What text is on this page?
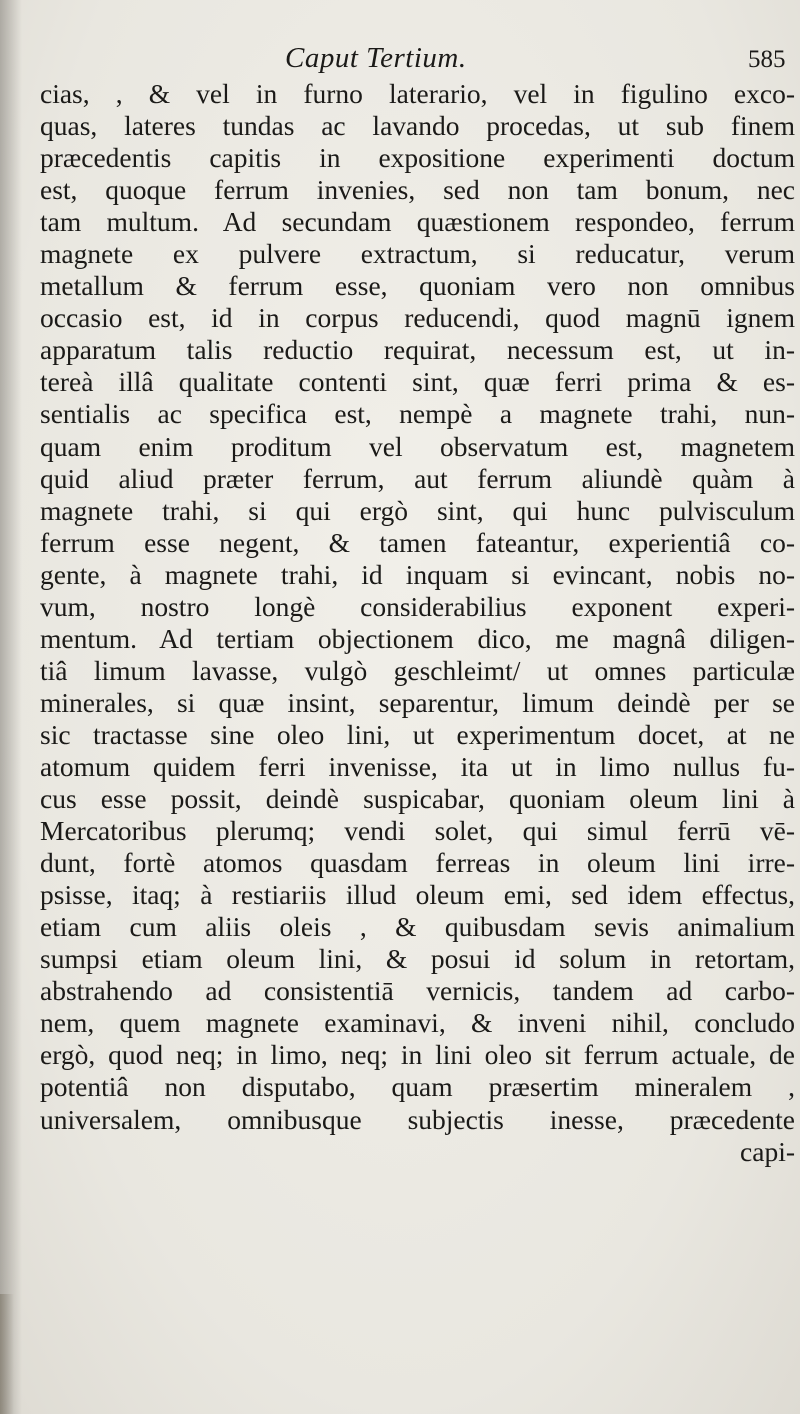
Caput Tertium.	585
cias, , & vel in furno laterario, vel in figulino exco-
quas, lateres tundas ac lavando procedas, ut sub finem
præcedentis capitis in expositione experimenti doctum
est, quoque ferrum invenies, sed non tam bonum, nec
tam multum. Ad secundam quæstionem respondeo, ferrum
magnete ex pulvere extractum, si reducatur, verum
metallum & ferrum esse, quoniam vero non omnibus
occasio est, id in corpus reducendi, quod magnū ignem
apparatum talis reductio requirat, necessum est, ut in-
tereà illâ qualitate contenti sint, quæ ferri prima & es-
sentialis ac specifica est, nempè a magnete trahi, nun-
quam enim proditum vel observatum est, magnetem
quid aliud præter ferrum, aut ferrum aliundè quàm à
magnete trahi, si qui ergò sint, qui hunc pulvisculum
ferrum esse negent, & tamen fateantur, experientiâ co-
gente, à magnete trahi, id inquam si evincant, nobis no-
vum, nostro longè considerabilius exponent experi-
mentum. Ad tertiam objectionem dico, me magnâ diligen-
tiâ limum lavasse, vulgò geschleimt/ ut omnes particulæ
minerales, si quæ insint, separentur, limum deindè per se
sic tractasse sine oleo lini, ut experimentum docet, at ne
atomum quidem ferri invenisse, ita ut in limo nullus fu-
cus esse possit, deindè suspicabar, quoniam oleum lini à
Mercatoribus plerumq; vendi solet, qui simul ferrū vē-
dunt, fortè atomos quasdam ferreas in oleum lini irre-
psisse, itaq; à restiariis illud oleum emi, sed idem effectus,
etiam cum aliis oleis , & quibusdam sevis animalium
sumpsi etiam oleum lini, & posui id solum in retortam,
abstrahendo ad consistentiā vernicis, tandem ad carbo-
nem, quem magnete examinavi, & inveni nihil, concludo
ergò, quod neq; in limo, neq; in lini oleo sit ferrum actuale, de
potentiâ non disputabo, quam præsertim mineralem ,
universalem, omnibusque subjectis inesse, præcedente
capi-
